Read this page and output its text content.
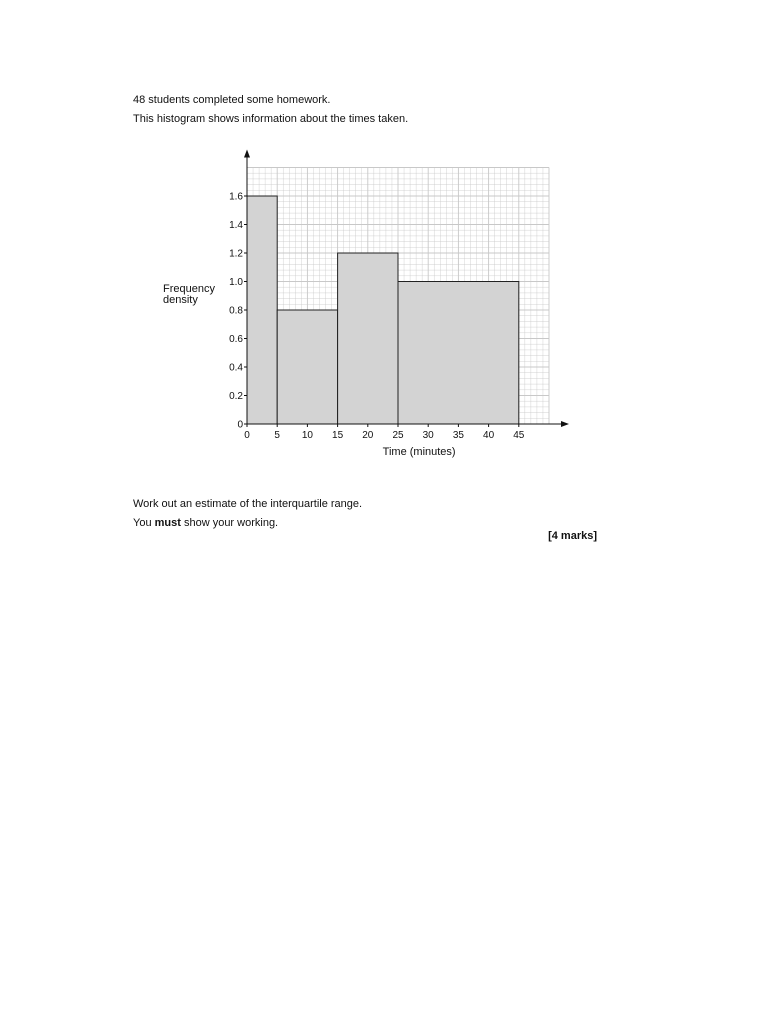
48 students completed some homework.
This histogram shows information about the times taken.
0 5 10 15 20 25 30 35 40 45
0
0.2
0.4
0.6
0.8
1.0
1.2
1.4
1.6
Time (minutes)
Frequency
density
Work out an estimate of the interquartile range.
You must show your working.
[4 marks]
